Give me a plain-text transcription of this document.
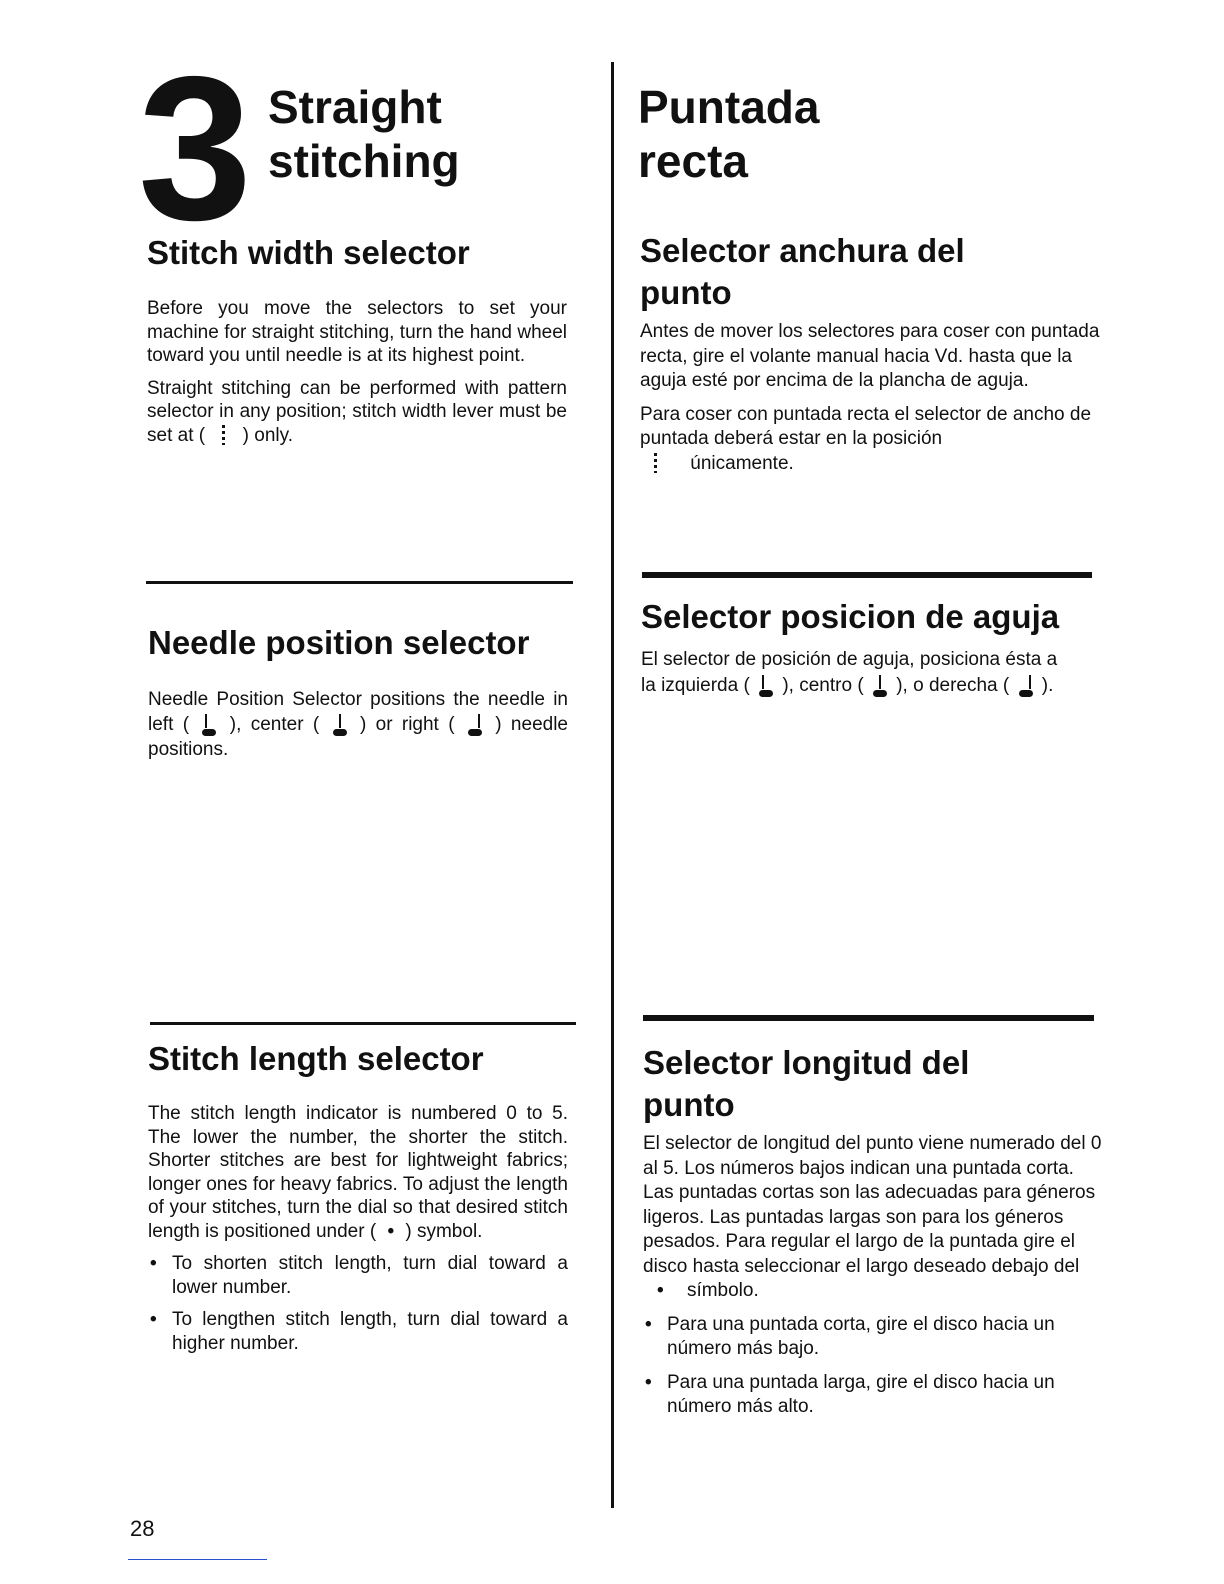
3 Straight
stitching
Puntada
recta
Stitch width selector

Before you move the selectors to set your machine for straight stitching, turn the hand wheel toward you until needle is at its highest point.

Straight stitching can be performed with pattern selector in any position; stitch width lever must be set at ( ) only.

Needle position selector

Needle Position Selector positions the needle in left ( ), center ( ) or right ( ) needle positions.

Stitch length selector

The stitch length indicator is numbered 0 to 5. The lower the number, the shorter the stitch. Shorter stitches are best for lightweight fabrics; longer ones for heavy fabrics. To adjust the length of your stitches, turn the dial so that desired stitch length is positioned under ( • ) symbol.

• To shorten stitch length, turn dial toward a lower number.
• To lengthen stitch length, turn dial toward a higher number.
Selector anchura del punto

Antes de mover los selectores para coser con puntada recta, gire el volante manual hacia Vd. hasta que la aguja esté por encima de la plancha de aguja.

Para coser con puntada recta el selector de ancho de puntada deberá estar en la posición
únicamente.

Selector posicion de aguja

El selector de posición de aguja, posiciona ésta a la izquierda ( ), centro ( ), o derecha ( ).

Selector longitud del punto

El selector de longitud del punto viene numerado del 0 al 5. Los números bajos indican una puntada corta. Las puntadas cortas son las adecuadas para géneros ligeros. Las puntadas largas son para los géneros pesados. Para regular el largo de la puntada gire el disco hasta seleccionar el largo deseado debajo del • símbolo.

• Para una puntada corta, gire el disco hacia un número más bajo.
• Para una puntada larga, gire el disco hacia un número más alto.
28
